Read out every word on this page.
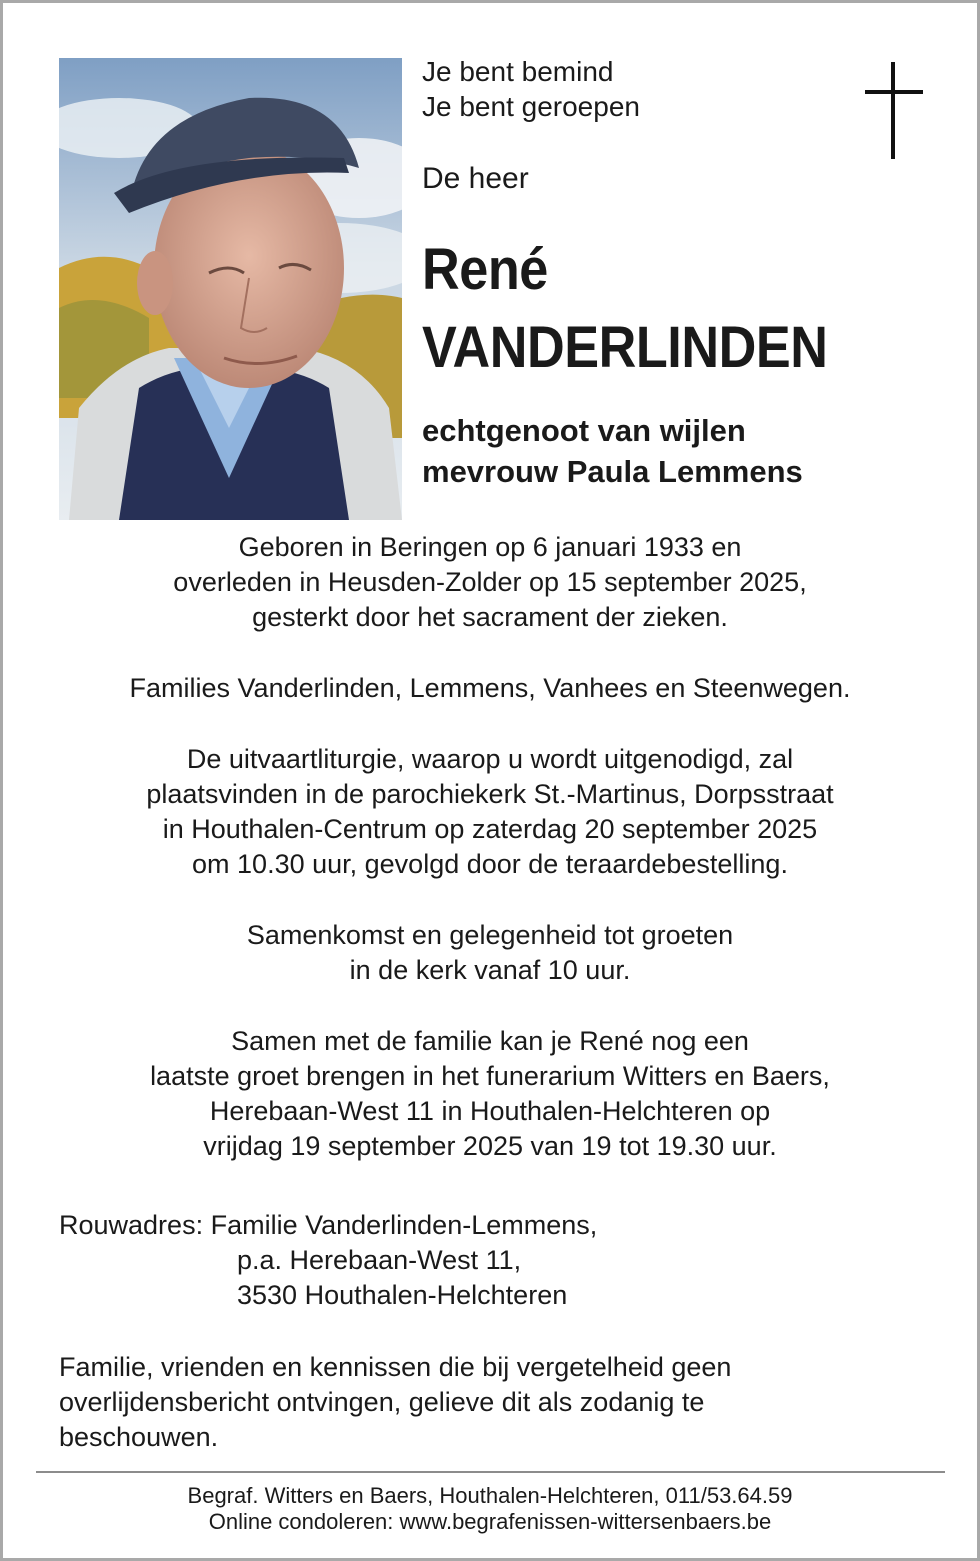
Je bent bemind
Je bent geroepen
De heer
René
VANDERLINDEN
echtgenoot van wijlen
mevrouw Paula Lemmens
Geboren in Beringen op 6 januari 1933 en
overleden in Heusden-Zolder op 15 september 2025,
gesterkt door het sacrament der zieken.
Families Vanderlinden, Lemmens, Vanhees en Steenwegen.
De uitvaartliturgie, waarop u wordt uitgenodigd, zal
plaatsvinden in de parochiekerk St.-Martinus, Dorpsstraat
in Houthalen-Centrum op zaterdag 20 september 2025
om 10.30 uur, gevolgd door de teraardebestelling.
Samenkomst en gelegenheid tot groeten
in de kerk vanaf 10 uur.
Samen met de familie kan je René nog een
laatste groet brengen in het funerarium Witters en Baers,
Herebaan-West 11 in Houthalen-Helchteren op
vrijdag 19 september 2025 van 19 tot 19.30 uur.
Rouwadres: Familie Vanderlinden-Lemmens,
p.a. Herebaan-West 11,
3530 Houthalen-Helchteren
Familie, vrienden en kennissen die bij vergetelheid geen
overlijdensbericht ontvingen, gelieve dit als zodanig te
beschouwen.
Begraf. Witters en Baers, Houthalen-Helchteren, 011/53.64.59
Online condoleren: www.begrafenissen-wittersenbaers.be
